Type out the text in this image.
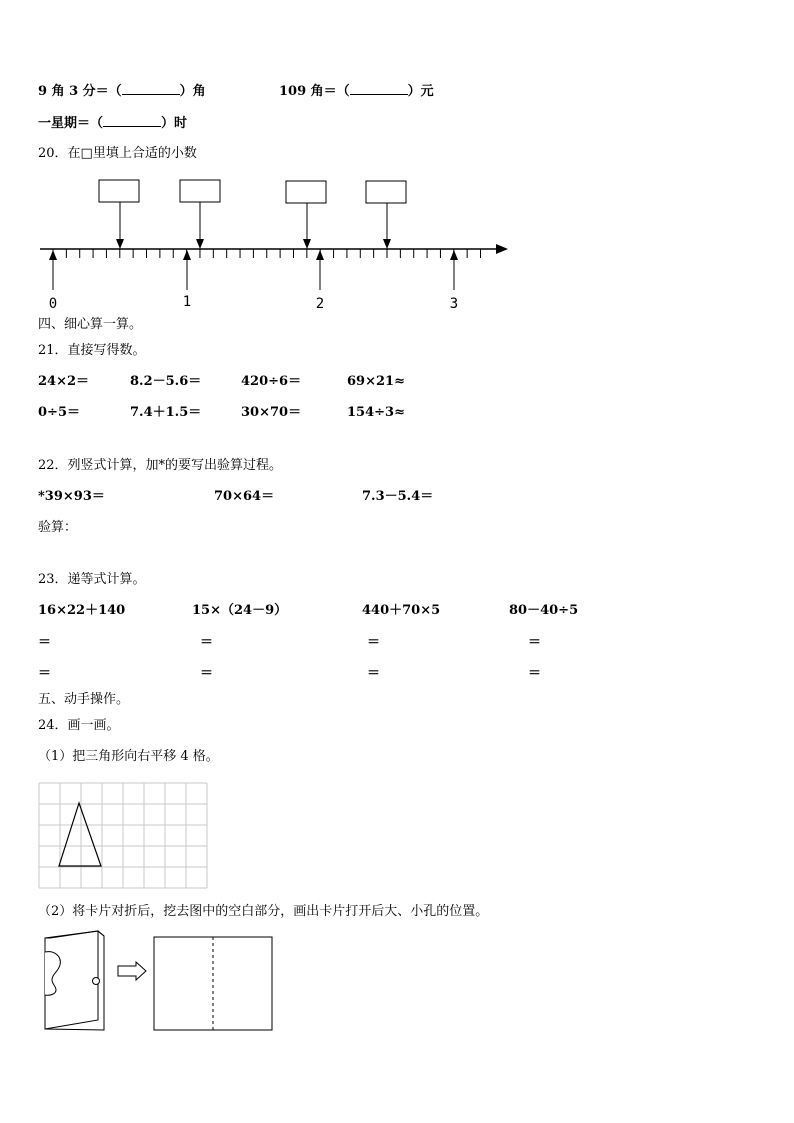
9 角 3 分＝（	）角	109 角＝（	）元
一星期＝（	）时
20．在□里填上合适的小数
0	1	2	3
四、细心算一算。
21．直接写得数。
24×2＝	8.2－5.6＝	420÷6＝	69×21≈
0÷5＝	7.4＋1.5＝	30×70＝	154÷3≈
22．列竖式计算，加*的要写出验算过程。
*39×93＝	70×64＝	7.3－5.4＝
验算：
23．递等式计算。
16×22＋140	15×（24－9）	440＋70×5	80－40÷5
＝	＝	＝	＝
＝	＝	＝	＝
五、动手操作。
24．画一画。
（1）把三角形向右平移 4 格。
（2）将卡片对折后，挖去图中的空白部分，画出卡片打开后大、小孔的位置。
